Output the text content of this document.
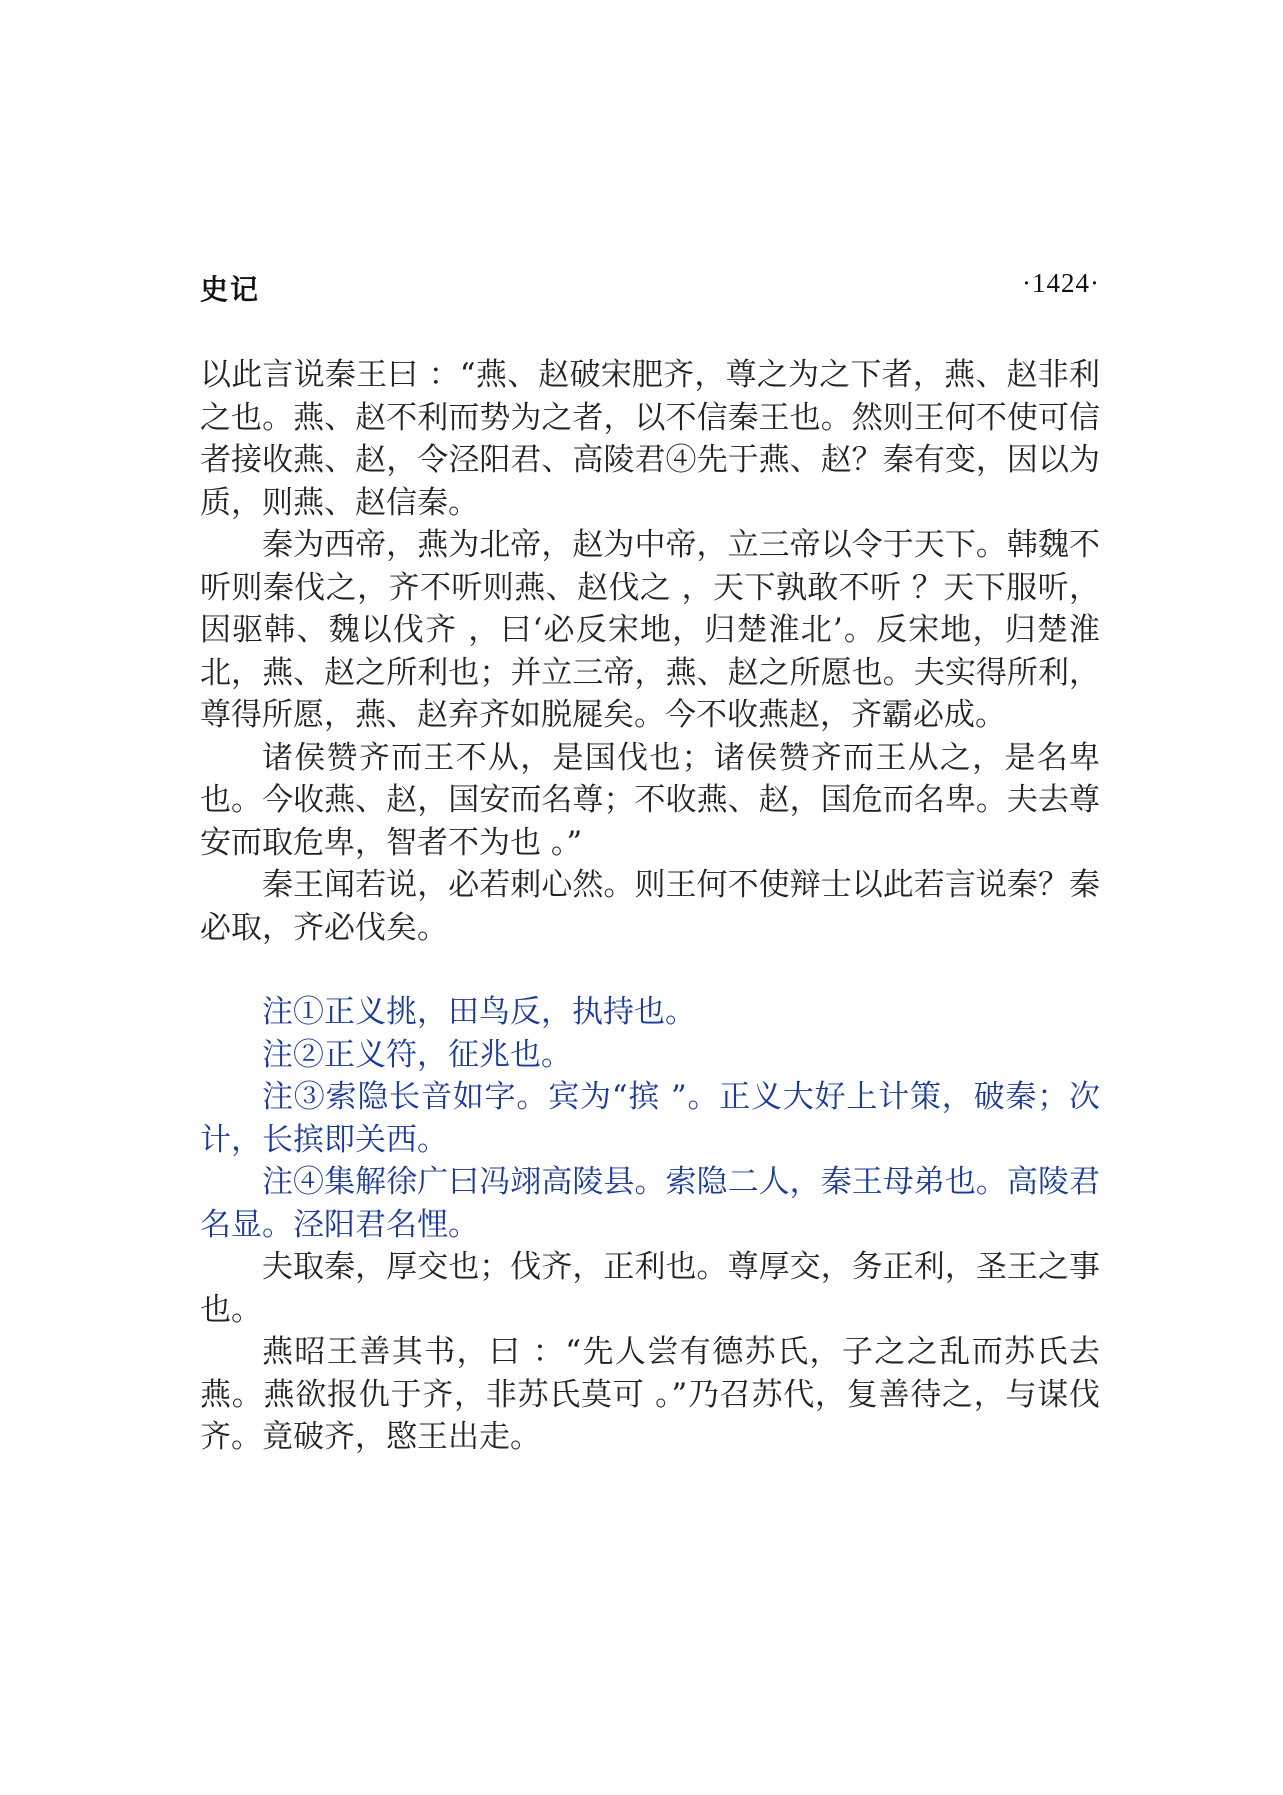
史记	·1424·

以此言说秦王曰 ：“燕、赵破宋肥齐，尊之为之下者，燕、赵非利之也。燕、赵不利而势为之者，以不信秦王也。然则王何不使可信者接收燕、赵，令泾阳君、高陵君④先于燕、赵？秦有变，因以为质，则燕、赵信秦。

秦为西帝，燕为北帝，赵为中帝，立三帝以令于天下。韩魏不听则秦伐之，齐不听则燕、赵伐之 ，天下孰敢不听 ？天下服听，因驱韩、魏以伐齐 ，曰‘必反宋地，归楚淮北’。反宋地，归楚淮北，燕、赵之所利也；并立三帝，燕、赵之所愿也。夫实得所利，尊得所愿，燕、赵弃齐如脱屣矣。今不收燕赵，齐霸必成。

诸侯赞齐而王不从，是国伐也；诸侯赞齐而王从之，是名卑也。今收燕、赵，国安而名尊；不收燕、赵，国危而名卑。夫去尊安而取危卑，智者不为也 。”

秦王闻若说，必若刺心然。则王何不使辩士以此若言说秦？秦必取，齐必伐矣。

注①正义挑，田鸟反，执持也。

注②正义符，征兆也。

注③索隐长音如字。宾为“摈 ”。正义大好上计策，破秦；次计，长摈即关西。

注④集解徐广曰冯翊高陵县。索隐二人，秦王母弟也。高陵君名显。泾阳君名悝。

夫取秦，厚交也；伐齐，正利也。尊厚交，务正利，圣王之事也。

燕昭王善其书，曰 ：“先人尝有德苏氏，子之之乱而苏氏去燕。燕欲报仇于齐，非苏氏莫可 。”乃召苏代，复善待之，与谋伐齐。竟破齐，愍王出走。
